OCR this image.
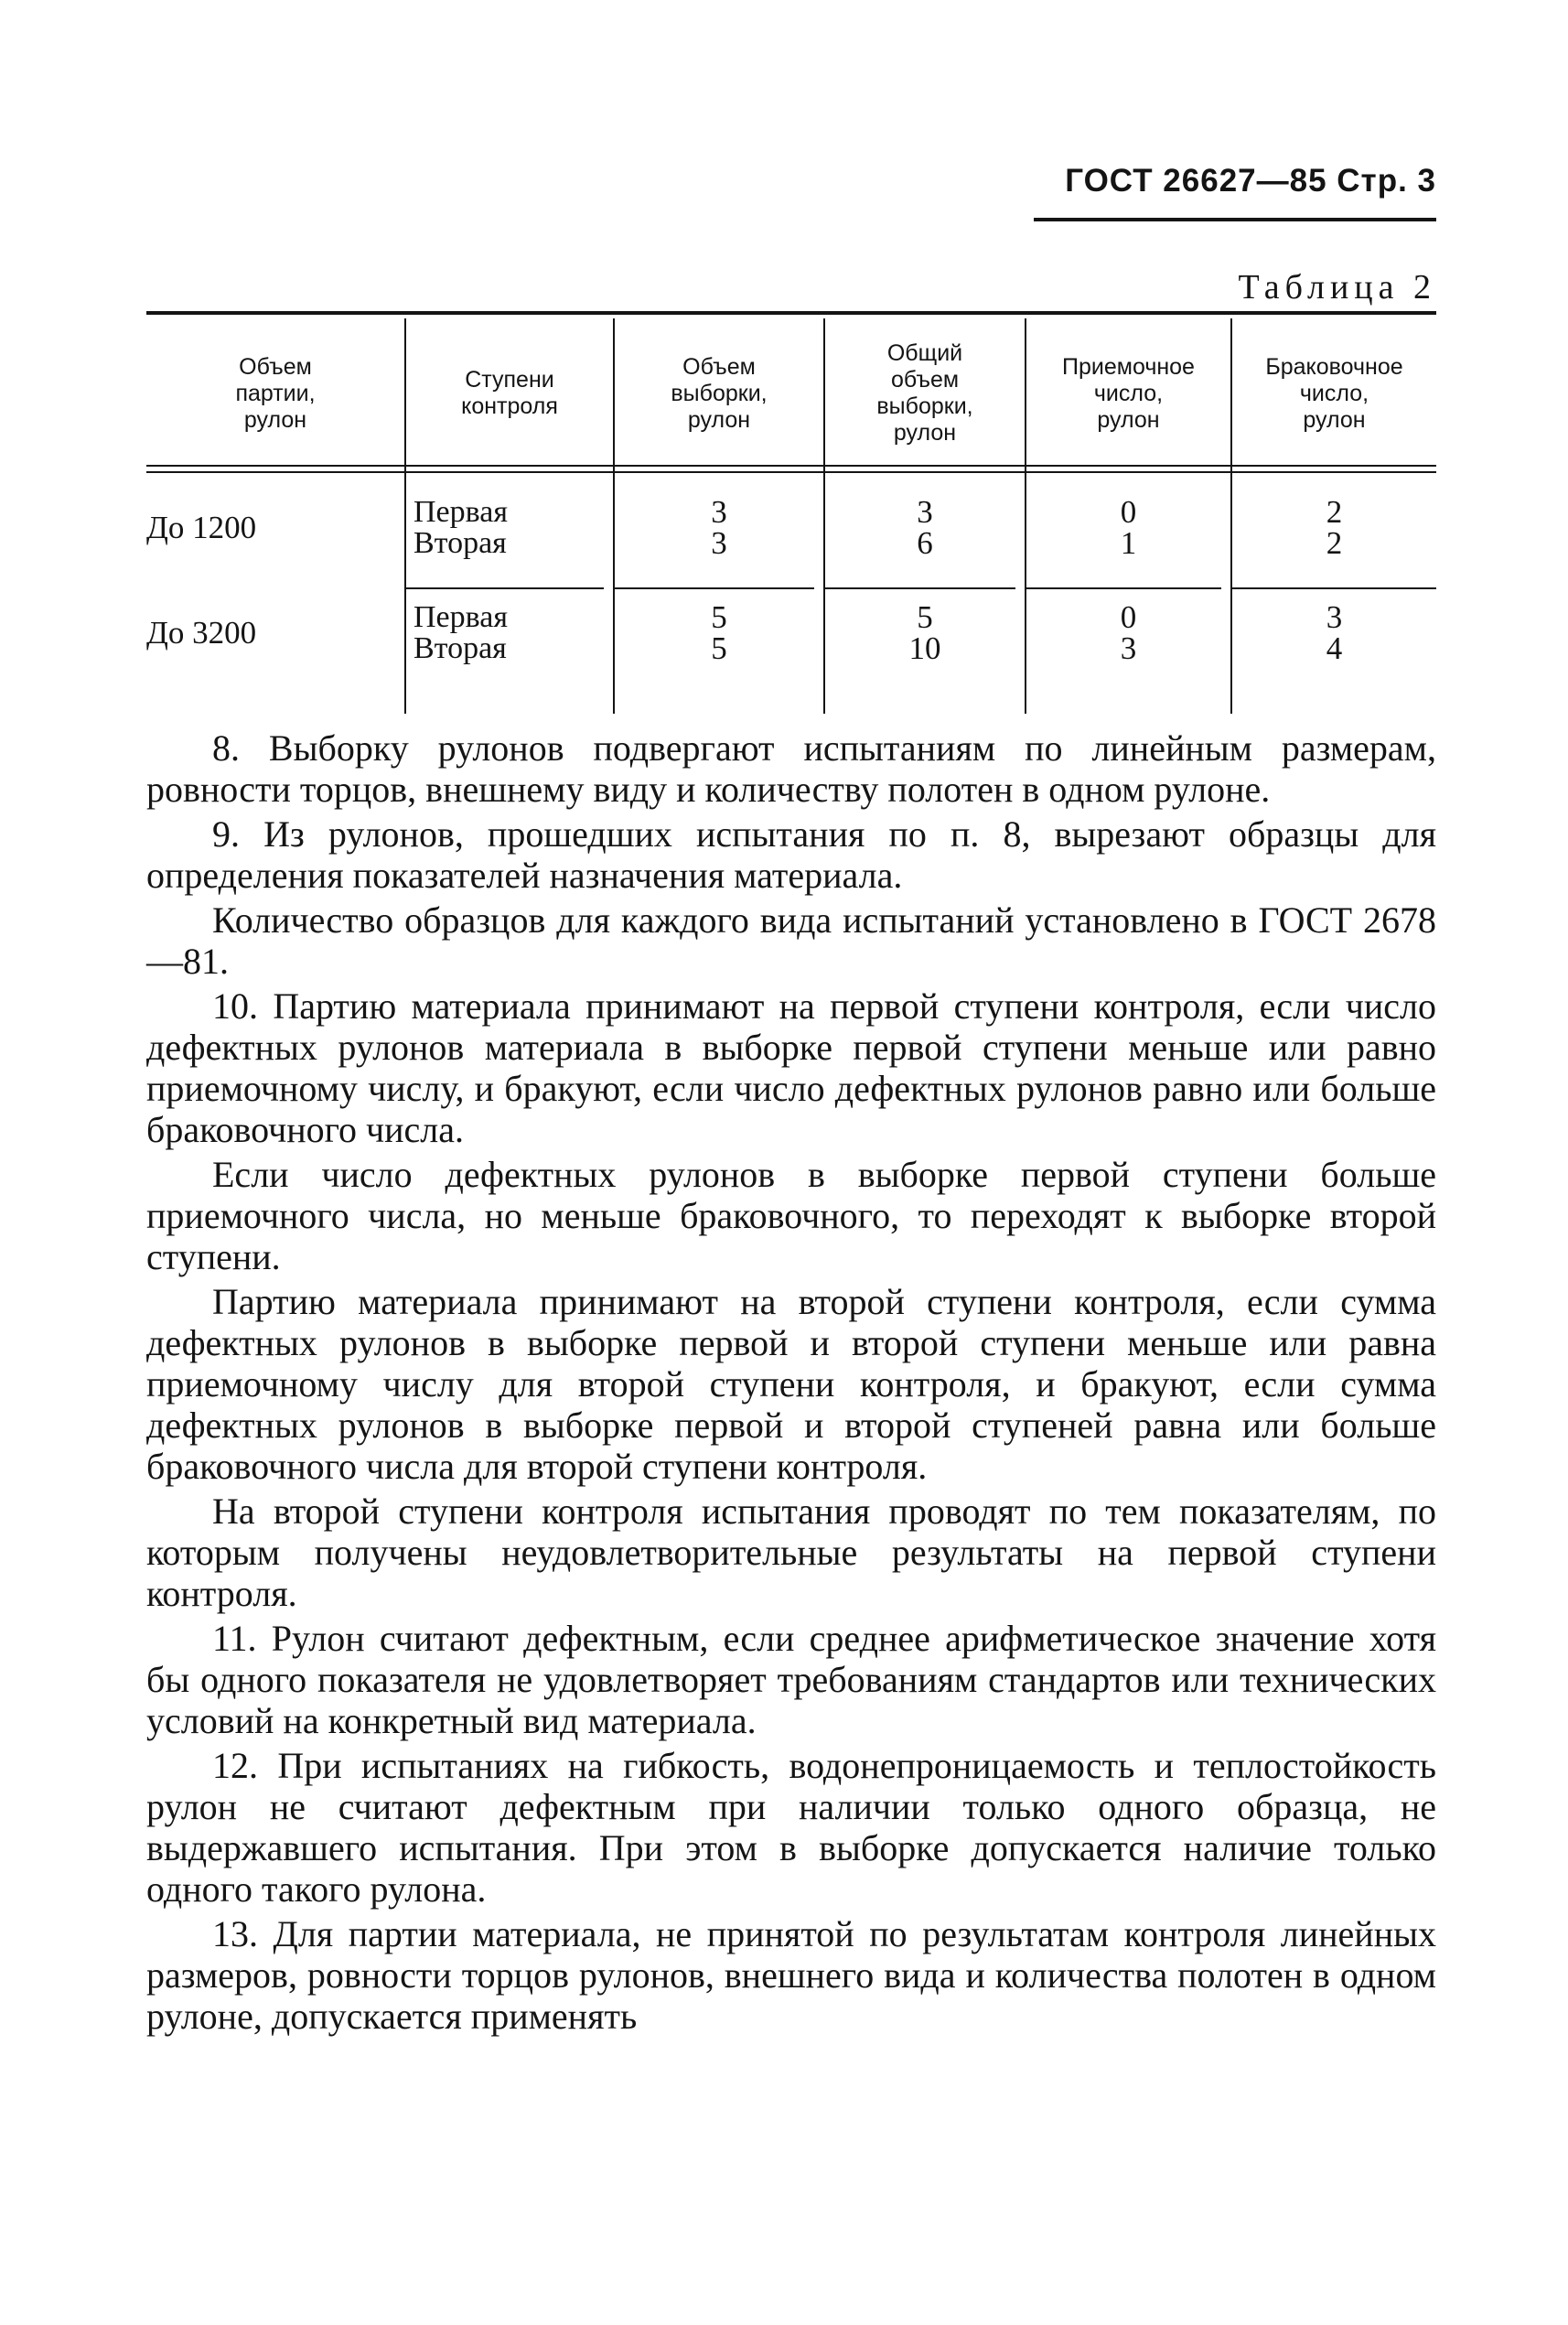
ГОСТ 26627—85 Стр. 3
Таблица 2
Объем
партии,
рулон
Ступени
контроля
Объем
выборки,
рулон
Общий
объем
выборки,
рулон
Приемочное
число,
рулон
Браковочное
число,
рулон
До 1200	Первая
Вторая
3
3
3
6
0
1
2
2
До 3200	Первая
Вторая
5
5
5
10
0
3
3
4

8. Выборку рулонов подвергают испытаниям по линейным размерам, ровности торцов, внешнему виду и количеству полотен в одном рулоне.

9. Из рулонов, прошедших испытания по п. 8, вырезают образцы для определения показателей назначения материала.

Количество образцов для каждого вида испытаний установлено в ГОСТ 2678—81.

10. Партию материала принимают на первой ступени контроля, если число дефектных рулонов материала в выборке первой ступени меньше или равно приемочному числу, и бракуют, если число дефектных рулонов равно или больше браковочного числа.

Если число дефектных рулонов в выборке первой ступени больше приемочного числа, но меньше браковочного, то переходят к выборке второй ступени.

Партию материала принимают на второй ступени контроля, если сумма дефектных рулонов в выборке первой и второй ступени меньше или равна приемочному числу для второй ступени контроля, и бракуют, если сумма дефектных рулонов в выборке первой и второй ступеней равна или больше браковочного числа для второй ступени контроля.

На второй ступени контроля испытания проводят по тем показателям, по которым получены неудовлетворительные результаты на первой ступени контроля.

11. Рулон считают дефектным, если среднее арифметическое значение хотя бы одного показателя не удовлетворяет требованиям стандартов или технических условий на конкретный вид материала.

12. При испытаниях на гибкость, водонепроницаемость и теплостойкость рулон не считают дефектным при наличии только одного образца, не выдержавшего испытания. При этом в выборке допускается наличие только одного такого рулона.

13. Для партии материала, не принятой по результатам контроля линейных размеров, ровности торцов рулонов, внешнего вида и количества полотен в одном рулоне, допускается применять
